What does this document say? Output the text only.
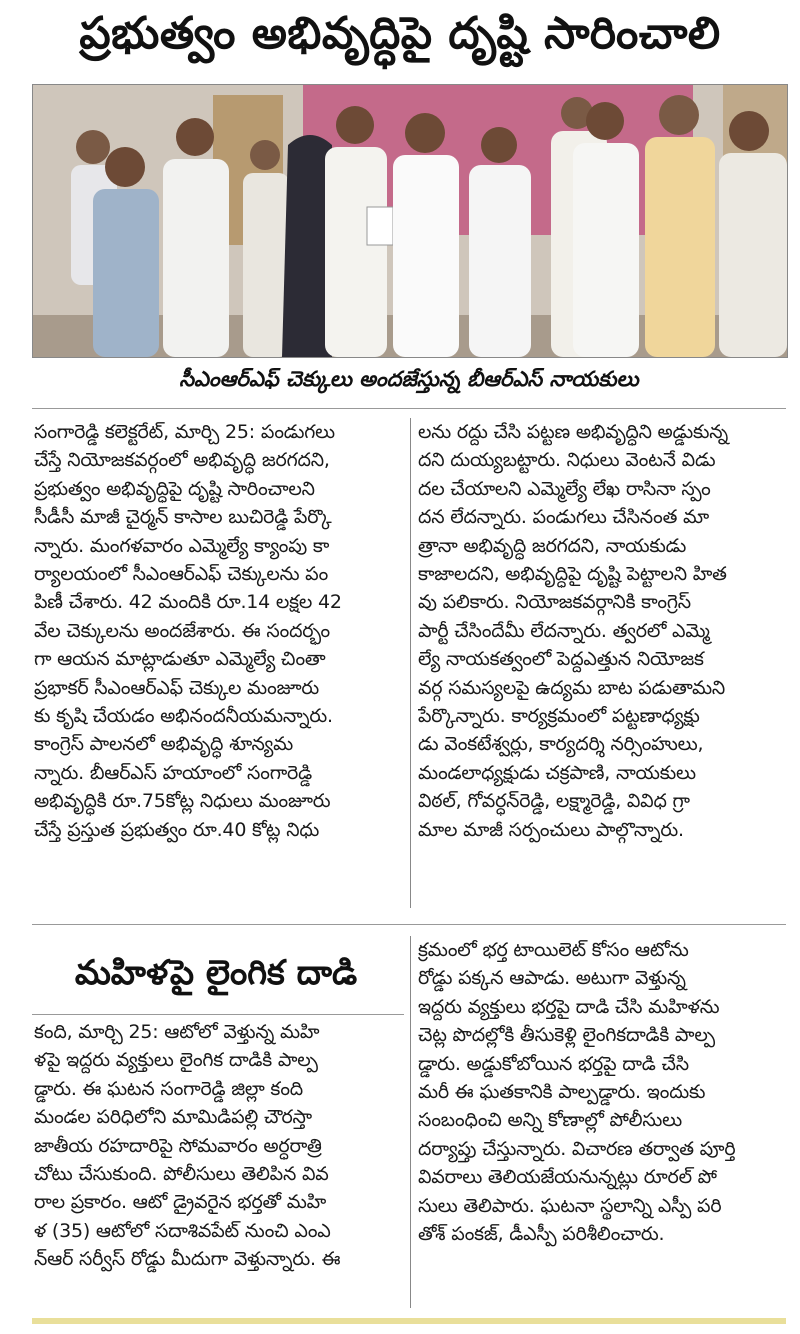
ప్రభుత్వం అభివృద్ధిపై దృష్టి సారించాలి
సీఎంఆర్ఎఫ్ చెక్కులు అందజేస్తున్న బీఆర్ఎస్ నాయకులు
సంగారెడ్డి కలెక్టరేట్, మార్చి 25: పండుగలు
చేస్తే నియోజకవర్గంలో అభివృద్ధి జరగదని,
ప్రభుత్వం అభివృద్ధిపై దృష్టి సారించాలని
సీడీసీ మాజీ చైర్మన్ కాసాల బుచిరెడ్డి పేర్కొ
న్నారు. మంగళవారం ఎమ్మెల్యే క్యాంపు కా
ర్యాలయంలో సీఎంఆర్ఎఫ్ చెక్కులను పం
పిణీ చేశారు. 42 మందికి రూ.14 లక్షల 42
వేల చెక్కులను అందజేశారు. ఈ సందర్భం
గా ఆయన మాట్లాడుతూ ఎమ్మెల్యే చింతా
ప్రభాకర్ సీఎంఆర్ఎఫ్ చెక్కుల మంజూరు
కు కృషి చేయడం అభినందనీయమన్నారు.
కాంగ్రెస్ పాలనలో అభివృద్ధి శూన్యమ
న్నారు. బీఆర్ఎస్ హయాంలో సంగారెడ్డి
అభివృద్ధికి రూ.75కోట్ల నిధులు మంజూరు
చేస్తే ప్రస్తుత ప్రభుత్వం రూ.40 కోట్ల నిధు
లను రద్దు చేసి పట్టణ అభివృద్ధిని అడ్డుకున్న
దని దుయ్యబట్టారు. నిధులు వెంటనే విడు
దల చేయాలని ఎమ్మెల్యే లేఖ రాసినా స్పం
దన లేదన్నారు. పండుగలు చేసినంత మా
త్రానా అభివృద్ధి జరగదని, నాయకుడు
కాజాలదని, అభివృద్ధిపై దృష్టి పెట్టాలని హిత
వు పలికారు. నియోజకవర్గానికి కాంగ్రెస్
పార్టీ చేసిందేమీ లేదన్నారు. త్వరలో ఎమ్మె
ల్యే నాయకత్వంలో పెద్దఎత్తున నియోజక
వర్గ సమస్యలపై ఉద్యమ బాట పడుతామని
పేర్కొన్నారు. కార్యక్రమంలో పట్టణాధ్యక్షు
డు వెంకటేశ్వర్లు, కార్యదర్శి నర్సింహులు,
మండలాధ్యక్షుడు చక్రపాణి, నాయకులు
విఠల్, గోవర్ధన్‌రెడ్డి, లక్ష్మారెడ్డి, వివిధ గ్రా
మాల మాజీ సర్పంచులు పాల్గొన్నారు.
మహిళపై లైంగిక దాడి
కంది, మార్చి 25: ఆటోలో వెళ్తున్న మహి
ళపై ఇద్దరు వ్యక్తులు లైంగిక దాడికి పాల్ప
డ్డారు. ఈ ఘటన సంగారెడ్డి జిల్లా కంది
మండల పరిధిలోని మామిడిపల్లి చౌరస్తా
జాతీయ రహదారిపై సోమవారం అర్ధరాత్రి
చోటు చేసుకుంది. పోలీసులు తెలిపిన వివ
రాల ప్రకారం. ఆటో డ్రైవరైన భర్తతో మహి
ళ (35) ఆటోలో సదాశివపేట్ నుంచి ఎంఎ
న్ఆర్ సర్వీస్ రోడ్డు మీదుగా వెళ్తున్నారు. ఈ
క్రమంలో భర్త టాయిలెట్ కోసం ఆటోను
రోడ్డు పక్కన ఆపాడు. అటుగా వెళ్తున్న
ఇద్దరు వ్యక్తులు భర్తపై దాడి చేసి మహిళను
చెట్ల పొదల్లోకి తీసుకెళ్లి లైంగికదాడికి పాల్ప
డ్డారు. అడ్డుకోబోయిన భర్తపై దాడి చేసి
మరీ ఈ ఘతకానికి పాల్పడ్డారు. ఇందుకు
సంబంధించి అన్ని కోణాల్లో పోలీసులు
దర్యాప్తు చేస్తున్నారు. విచారణ తర్వాత పూర్తి
వివరాలు తెలియజేయనున్నట్లు రూరల్ పో
సులు తెలిపారు. ఘటనా స్థలాన్ని ఎస్పీ పరి
తోశ్ పంకజ్, డీఎస్పీ పరిశీలించారు.
